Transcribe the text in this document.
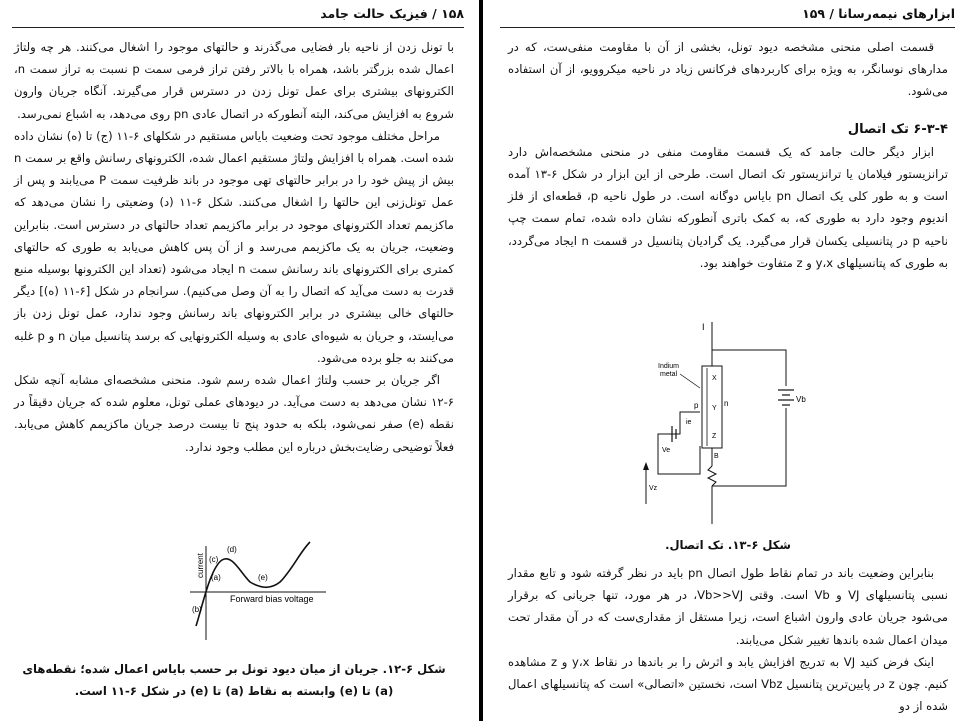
۱۵۸ / فیزیک حالت جامد

با تونل زدن از ناحیه بار فضایی می‌گذرند و حالتهای موجود را اشغال می‌کنند. هر چه ولتاژ اعمال شده بزرگتر باشد، همراه با بالاتر رفتن تراز فرمی سمت p نسبت به تراز سمت n، الکترونهای بیشتری برای عمل تونل زدن در دسترس قرار می‌گیرند. آنگاه جریان وارون شروع به افزایش می‌کند، البته آنطورکه در اتصال عادی pn روی می‌دهد، به اشباع نمی‌رسد.

مراحل مختلف موجود تحت وضعیت بایاس مستقیم در شکلهای ۶-۱۱ (ج) تا (ه) نشان داده شده است. همراه با افزایش ولتاژ مستقیم اعمال شده، الکترونهای رسانش واقع بر سمت n بیش از پیش خود را در برابر حالتهای تهی موجود در باند ظرفیت سمت P می‌یابند و پس از عمل تونل‌زنی این حالتها را اشغال می‌کنند. شکل ۶-۱۱ (د) وضعیتی را نشان می‌دهد که ماکزیمم تعداد الکترونهای موجود در برابر ماکزیمم تعداد حالتهای در دسترس است. بنابراین وضعیت، جریان به یک ماکزیمم می‌رسد و از آن پس کاهش می‌یابد به طوری که حالتهای کمتری برای الکترونهای باند رسانش سمت n ایجاد می‌شود (تعداد این الکترونها بوسیله منبع قدرت به دست می‌آید که اتصال را به آن وصل می‌کنیم). سرانجام در شکل [۶-۱۱ (ه)] دیگر حالتهای خالی بیشتری در برابر الکترونهای باند رسانش وجود ندارد، عمل تونل زدن باز می‌ایستد، و جریان به شیوه‌ای عادی به وسیله الکترونهایی که برسد پتانسیل میان n و p غلبه می‌کنند به جلو برده می‌شود.

اگر جریان بر حسب ولتاژ اعمال شده رسم شود. منحنی مشخصه‌ای مشابه آنچه شکل ۶-۱۲ نشان می‌دهد به دست می‌آید. در دیودهای عملی تونل، معلوم شده که جریان دقیقاً در نقطه (e) صفر نمی‌شود، بلکه به حدود پنج تا بیست درصد جریان ماکزیمم کاهش می‌یابد. فعلاً توضیحی رضایت‌بخش درباره این مطلب وجود ندارد.

current (a)
(b)
(c)
(d)
(e)
Forward bias voltage
شکل ۶-۱۲. جریان از میان دیود تونل بر حسب بایاس اعمال شده؛ نقطه‌های (a) تا (e) وابسته به نقاط (a) تا (e) در شکل ۶-۱۱ است.
ابزارهای نیمه‌رسانا / ۱۵۹

قسمت اصلی منحنی مشخصه دیود تونل، بخشی از آن با مقاومت منفی‌ست، که در مدارهای نوسانگر، به ویژه برای کاربردهای فرکانس زیاد در ناحیه میکروویو، از آن استفاده می‌شود.

۶-۳-۴ تک اتصال

ابزار دیگر حالت جامد که یک قسمت مقاومت منفی در منحنی مشخصه‌اش دارد ترانزیستور فیلامان یا ترانزیستور تک اتصال است. طرحی از این ابزار در شکل ۶-۱۳ آمده است و به طور کلی یک اتصال pn بایاس دوگانه است. در طول ناحیه p، قطعه‌ای از فلز اندیوم وجود دارد به طوری که، به کمک باتری آنطورکه نشان داده شده، تمام سمت چپ ناحیه p در پتانسیلی یکسان قرار می‌گیرد. یک گرادیان پتانسیل در قسمت n ایجاد می‌گردد، به طوری که پتانسیلهای y،x و z متفاوت خواهند بود.

I
Vb
p	n
X
Y
Z
B
Indium
metal
Ve
ie
Vz
شکل ۶-۱۳. تک اتصال.

بنابراین وضعیت باند در تمام نقاط طول اتصال pn باید در نظر گرفته شود و تابع مقدار نسبی پتانسیلهای VJ و Vb است. وقتی Vb>>VJ، در هر مورد، تنها جریانی که برقرار می‌شود جریان عادی وارون اشباع است، زیرا مستقل از مقداری‌ست که در آن مقدار تحت میدان اعمال شده باندها تغییر شکل می‌یابند.

اینک فرض کنید VJ به تدریج افزایش یابد و اثرش را بر باندها در نقاط y،x و z مشاهده کنیم. چون z در پایین‌ترین پتانسیل Vbz است، نخستین «اتصالی» است که پتانسیلهای اعمال شده از دو
